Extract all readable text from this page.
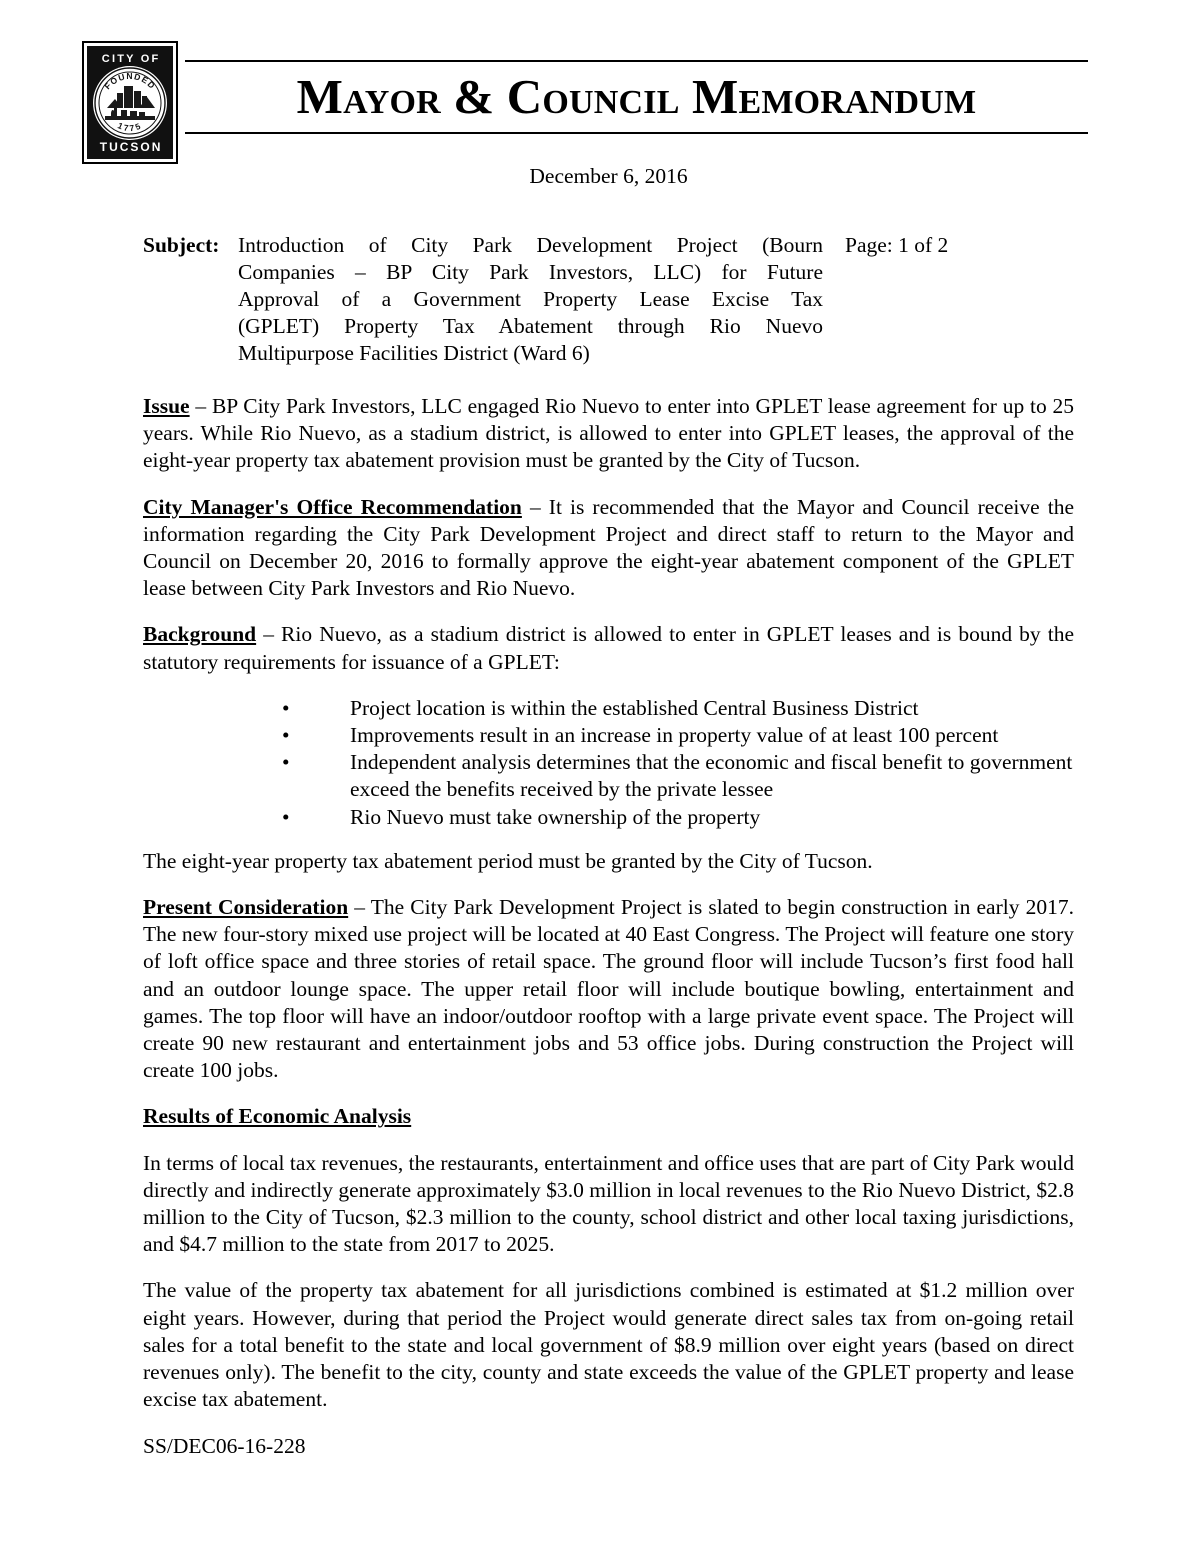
CITY OF
FOUNDED
1775
TUCSON
Mayor & Council Memorandum
December 6, 2016
Subject: Introduction of City Park Development Project (Bourn
Companies – BP City Park Investors, LLC) for Future
Approval of a Government Property Lease Excise Tax
(GPLET) Property Tax Abatement through Rio Nuevo
Multipurpose Facilities District (Ward 6)
Page: 1 of 2

Issue – BP City Park Investors, LLC engaged Rio Nuevo to enter into GPLET lease agreement for up to 25 years. While Rio Nuevo, as a stadium district, is allowed to enter into GPLET leases, the approval of the eight-year property tax abatement provision must be granted by the City of Tucson.

City Manager's Office Recommendation – It is recommended that the Mayor and Council receive the information regarding the City Park Development Project and direct staff to return to the Mayor and Council on December 20, 2016 to formally approve the eight-year abatement component of the GPLET lease between City Park Investors and Rio Nuevo.

Background – Rio Nuevo, as a stadium district is allowed to enter in GPLET leases and is bound by the statutory requirements for issuance of a GPLET:

•	Project location is within the established Central Business District
•	Improvements result in an increase in property value of at least 100 percent
•	Independent analysis determines that the economic and fiscal benefit to government exceed the benefits received by the private lessee
•	Rio Nuevo must take ownership of the property

The eight-year property tax abatement period must be granted by the City of Tucson.

Present Consideration – The City Park Development Project is slated to begin construction in early 2017. The new four-story mixed use project will be located at 40 East Congress. The Project will feature one story of loft office space and three stories of retail space. The ground floor will include Tucson’s first food hall and an outdoor lounge space. The upper retail floor will include boutique bowling, entertainment and games. The top floor will have an indoor/outdoor rooftop with a large private event space. The Project will create 90 new restaurant and entertainment jobs and 53 office jobs. During construction the Project will create 100 jobs.

Results of Economic Analysis

In terms of local tax revenues, the restaurants, entertainment and office uses that are part of City Park would directly and indirectly generate approximately $3.0 million in local revenues to the Rio Nuevo District, $2.8 million to the City of Tucson, $2.3 million to the county, school district and other local taxing jurisdictions, and $4.7 million to the state from 2017 to 2025.

The value of the property tax abatement for all jurisdictions combined is estimated at $1.2 million over eight years. However, during that period the Project would generate direct sales tax from on-going retail sales for a total benefit to the state and local government of $8.9 million over eight years (based on direct revenues only). The benefit to the city, county and state exceeds the value of the GPLET property and lease excise tax abatement.

SS/DEC06-16-228
